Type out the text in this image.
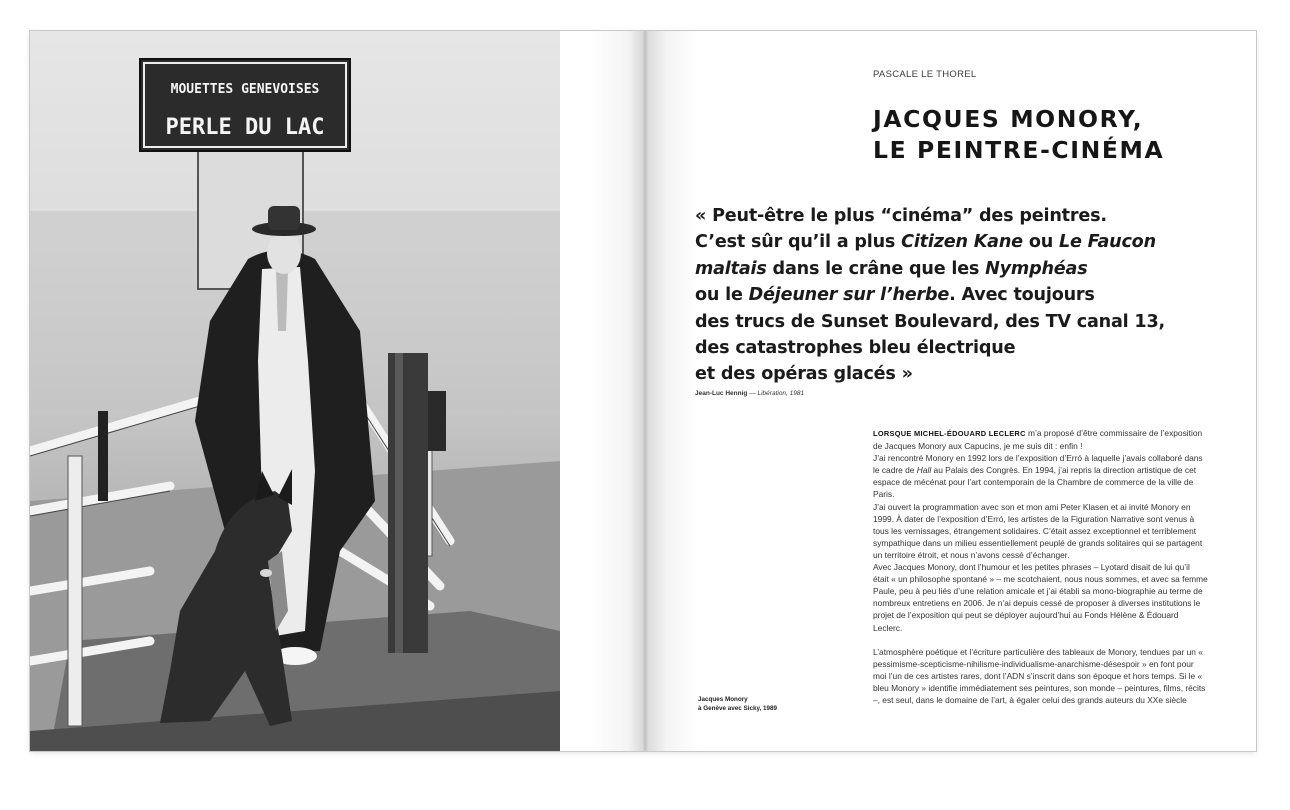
MOUETTES GENEVOISES
PERLE DU LAC
PASCALE LE THOREL
JACQUES MONORY,
LE PEINTRE-CINÉMA
« Peut-être le plus “cinéma” des peintres.
C’est sûr qu’il a plus Citizen Kane ou Le Faucon
maltais dans le crâne que les Nymphéas
ou le Déjeuner sur l’herbe. Avec toujours
des trucs de Sunset Boulevard, des TV canal 13,
des catastrophes bleu électrique
et des opéras glacés »
Jean-Luc Hennig — Libération, 1981

LORSQUE MICHEL-ÉDOUARD LECLERC m’a proposé d’être commissaire de l’exposition de Jacques Monory aux Capucins, je me suis dit : enfin !
J’ai rencontré Monory en 1992 lors de l’exposition d’Erró à laquelle j’avais collaboré dans le cadre de Hall au Palais des Congrès. En 1994, j’ai repris la direction artistique de cet espace de mécénat pour l’art contemporain de la Chambre de commerce de la ville de Paris.
J’ai ouvert la programmation avec son et mon ami Peter Klasen et ai invité Monory en 1999. À dater de l’exposition d’Erró, les artistes de la Figuration Narrative sont venus à tous les vernissages, étrangement solidaires. C’était assez exceptionnel et terriblement sympathique dans un milieu essentiellement peuplé de grands solitaires qui se partagent un territoire étroit, et nous n’avons cessé d’échanger.
Avec Jacques Monory, dont l’humour et les petites phrases – Lyotard disait de lui qu’il était « un philosophe spontané » – me scotchaient, nous nous sommes, et avec sa femme Paule, peu à peu liés d’une relation amicale et j’ai établi sa mono-biographie au terme de nombreux entretiens en 2006. Je n’ai depuis cessé de proposer à diverses institutions le projet de l’exposition qui peut se déployer aujourd’hui au Fonds Hélène & Édouard Leclerc.

L’atmosphère poétique et l’écriture particulière des tableaux de Monory, tendues par un « pessimisme-scepticisme-nihilisme-individualisme-anarchisme-désespoir » en font pour moi l’un de ces artistes rares, dont l’ADN s’inscrit dans son époque et hors temps. Si le « bleu Monory » identifie immédiatement ses peintures, son monde – peintures, films, récits –, est seul, dans le domaine de l’art, à égaler celui des grands auteurs du XXe siècle

Jacques Monory
à Genève avec Sicky, 1989
